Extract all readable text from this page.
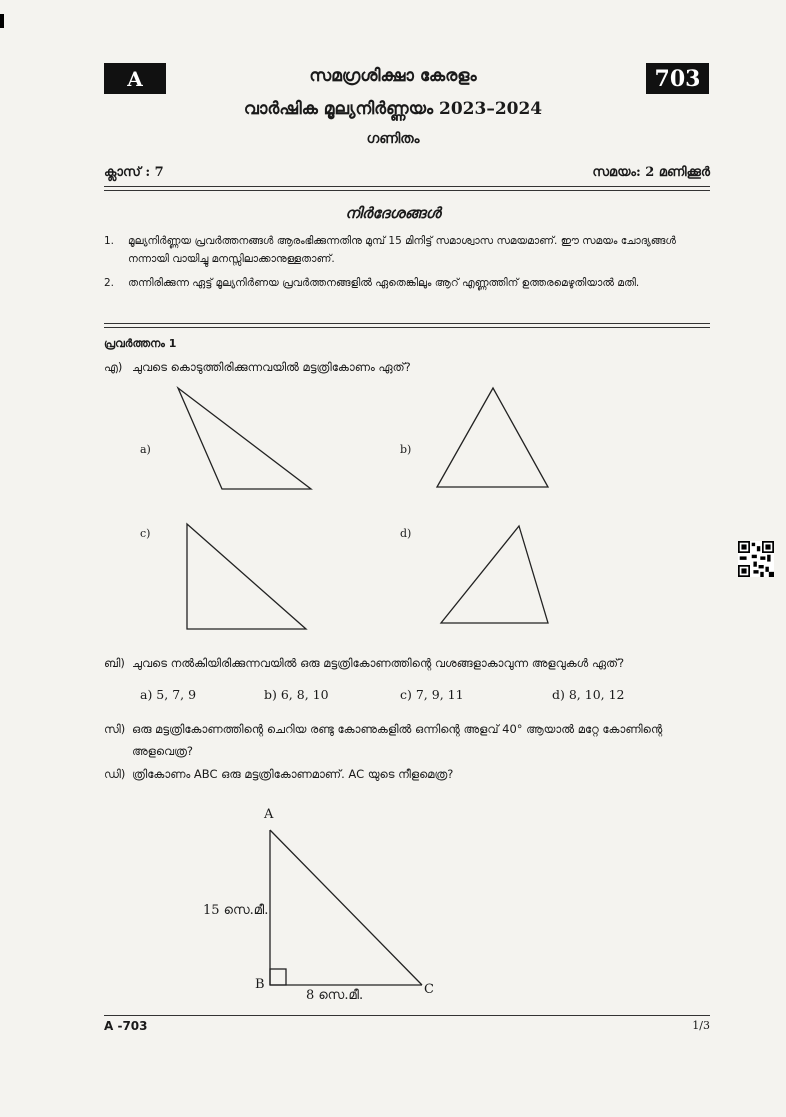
A	703
സമഗ്രശിക്ഷാ കേരളം
വാർഷിക മൂല്യനിർണ്ണയം 2023–2024
ഗണിതം
ക്ലാസ് : 7	സമയം: 2 മണിക്കൂർ
നിർദേശങ്ങൾ
1. മൂല്യനിർണ്ണയ പ്രവർത്തനങ്ങൾ ആരംഭിക്കുന്നതിനു മുമ്പ് 15 മിനിട്ട് സമാശ്വാസ സമയമാണ്. ഈ സമയം ചോദ്യങ്ങൾ നന്നായി വായിച്ചു മനസ്സിലാക്കാനുള്ളതാണ്.
2. തന്നിരിക്കുന്ന ഏട്ട് മൂല്യനിർണയ പ്രവർത്തനങ്ങളിൽ ഏതെങ്കിലും ആറ് എണ്ണത്തിന് ഉത്തരമെഴുതിയാൽ മതി.
പ്രവർത്തനം 1
എ) ചുവടെ കൊടുത്തിരിക്കുന്നവയിൽ മട്ടത്രികോണം ഏത്?
a)	b)
c)	d)
ബി) ചുവടെ നൽകിയിരിക്കുന്നവയിൽ ഒരു മട്ടത്രികോണത്തിന്റെ വശങ്ങളാകാവുന്ന അളവുകൾ ഏത്?
a) 5, 7, 9	b) 6, 8, 10	c) 7, 9, 11	d) 8, 10, 12
സി) ഒരു മട്ടത്രികോണത്തിന്റെ ചെറിയ രണ്ടു കോണുകളിൽ ഒന്നിന്റെ അളവ് 40° ആയാൽ മറ്റേ കോണിന്റെ അളവെത്ര?
ഡി) ത്രികോണം ABC ഒരു മട്ടത്രികോണമാണ്. AC യുടെ നീളമെത്ര?
A
B	C
15 സെ.മീ.
8 സെ.മീ.
A -703	1/3
